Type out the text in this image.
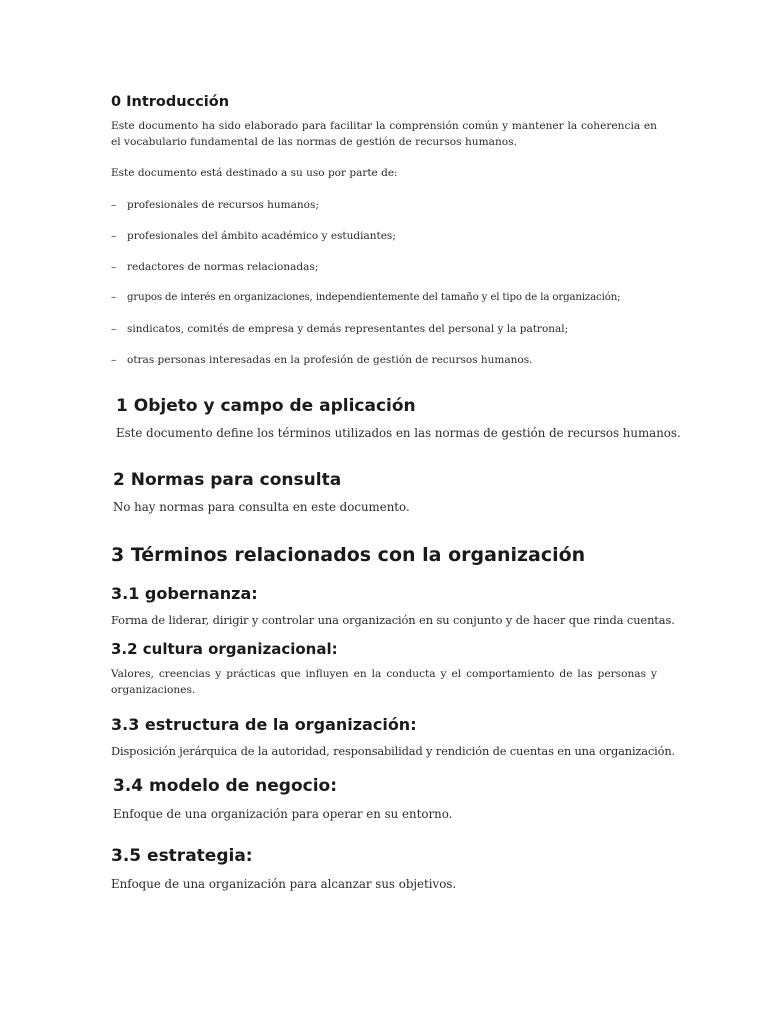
0 Introducción

Este documento ha sido elaborado para facilitar la comprensión común y mantener la coherencia en el vocabulario fundamental de las normas de gestión de recursos humanos.

Este documento está destinado a su uso por parte de:

– profesionales de recursos humanos;
– profesionales del ámbito académico y estudiantes;
– redactores de normas relacionadas;
– grupos de interés en organizaciones, independientemente del tamaño y el tipo de la organización;
– sindicatos, comités de empresa y demás representantes del personal y la patronal;
– otras personas interesadas en la profesión de gestión de recursos humanos.
1 Objeto y campo de aplicación

Este documento define los términos utilizados en las normas de gestión de recursos humanos.

2 Normas para consulta

No hay normas para consulta en este documento.

3 Términos relacionados con la organización
3.1 gobernanza:

Forma de liderar, dirigir y controlar una organización en su conjunto y de hacer que rinda cuentas.

3.2 cultura organizacional:

Valores, creencias y prácticas que influyen en la conducta y el comportamiento de las personas y organizaciones.

3.3 estructura de la organización:

Disposición jerárquica de la autoridad, responsabilidad y rendición de cuentas en una organización.

3.4 modelo de negocio:

Enfoque de una organización para operar en su entorno.

3.5 estrategia:

Enfoque de una organización para alcanzar sus objetivos.
